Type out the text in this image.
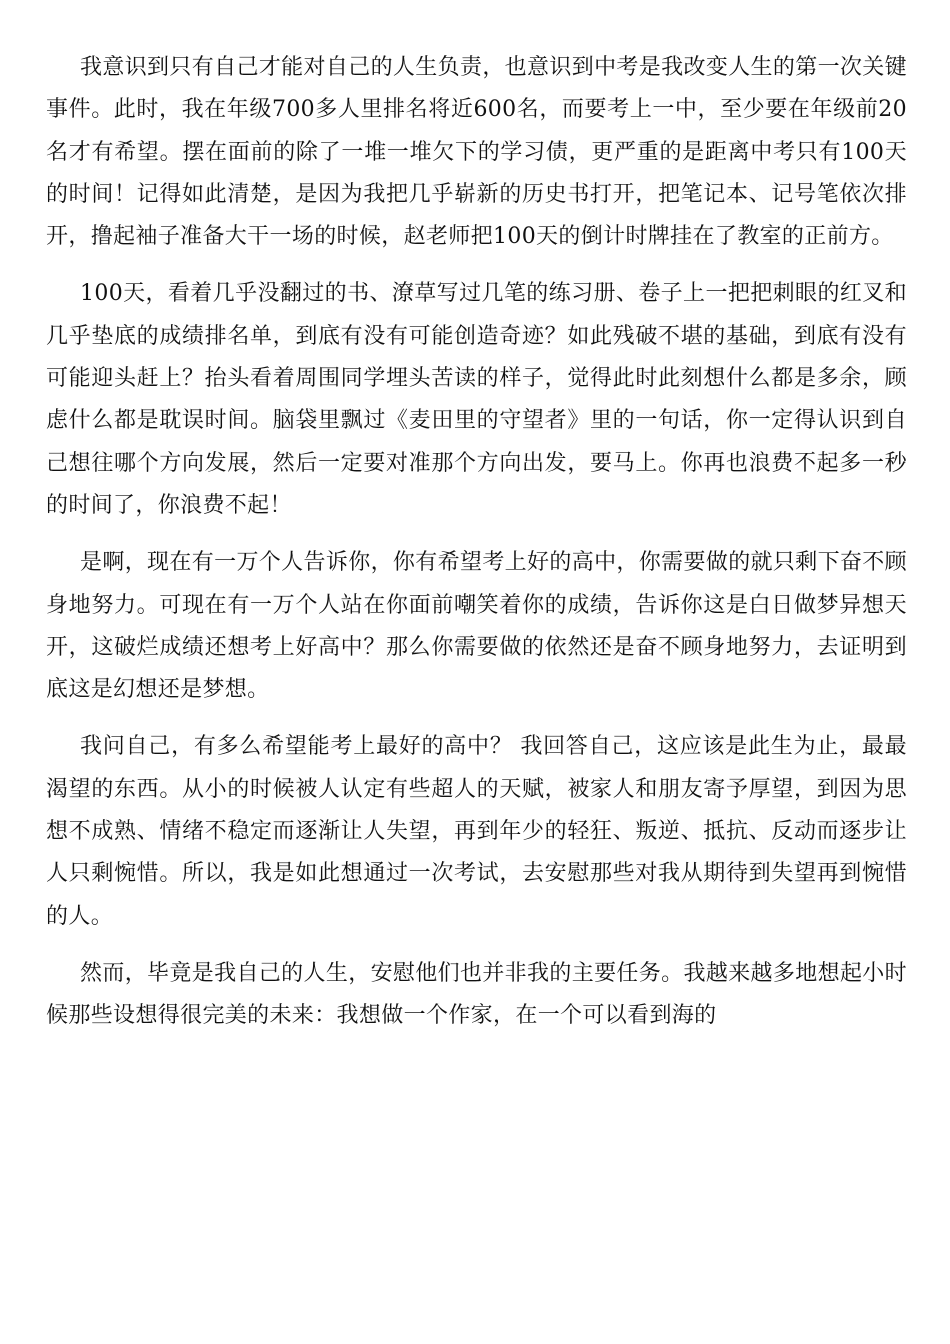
我意识到只有自己才能对自己的人生负责，也意识到中考是我改变人生的第一次关键事件。此时，我在年级700多人里排名将近600名，而要考上一中，至少要在年级前20名才有希望。摆在面前的除了一堆一堆欠下的学习债，更严重的是距离中考只有100天的时间！记得如此清楚，是因为我把几乎崭新的历史书打开，把笔记本、记号笔依次排开，撸起袖子准备大干一场的时候，赵老师把100天的倒计时牌挂在了教室的正前方。

100天，看着几乎没翻过的书、潦草写过几笔的练习册、卷子上一把把刺眼的红叉和几乎垫底的成绩排名单，到底有没有可能创造奇迹？如此残破不堪的基础，到底有没有可能迎头赶上？抬头看着周围同学埋头苦读的样子，觉得此时此刻想什么都是多余，顾虑什么都是耽误时间。脑袋里飘过《麦田里的守望者》里的一句话，你一定得认识到自己想往哪个方向发展，然后一定要对准那个方向出发，要马上。你再也浪费不起多一秒的时间了，你浪费不起！

是啊，现在有一万个人告诉你，你有希望考上好的高中，你需要做的就只剩下奋不顾身地努力。可现在有一万个人站在你面前嘲笑着你的成绩，告诉你这是白日做梦异想天开，这破烂成绩还想考上好高中？那么你需要做的依然还是奋不顾身地努力，去证明到底这是幻想还是梦想。

我问自己，有多么希望能考上最好的高中？ 我回答自己，这应该是此生为止，最最渴望的东西。从小的时候被人认定有些超人的天赋，被家人和朋友寄予厚望，到因为思想不成熟、情绪不稳定而逐渐让人失望，再到年少的轻狂、叛逆、抵抗、反动而逐步让人只剩惋惜。所以，我是如此想通过一次考试，去安慰那些对我从期待到失望再到惋惜的人。

然而，毕竟是我自己的人生，安慰他们也并非我的主要任务。我越来越多地想起小时候那些设想得很完美的未来：我想做一个作家，在一个可以看到海的
